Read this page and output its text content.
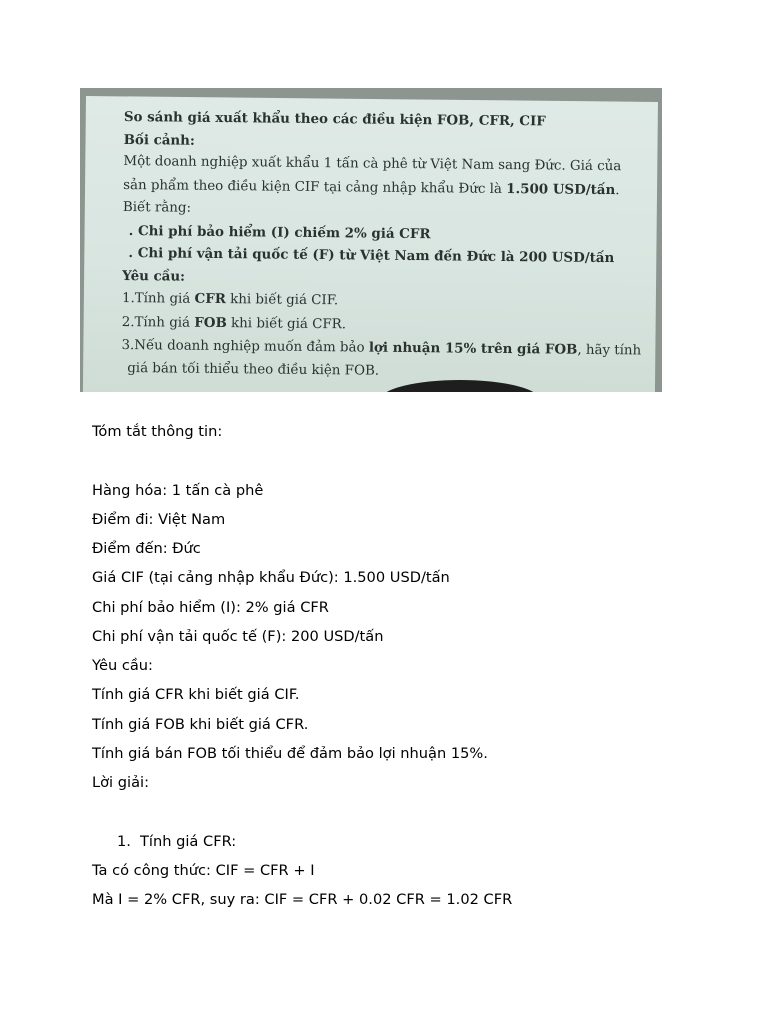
So sánh giá xuất khẩu theo các điều kiện FOB, CFR, CIF
Bối cảnh:
Một doanh nghiệp xuất khẩu 1 tấn cà phê từ Việt Nam sang Đức. Giá của sản phẩm theo điều kiện CIF tại cảng nhập khẩu Đức là 1.500 USD/tấn. Biết rằng:
. Chi phí bảo hiểm (I) chiếm 2% giá CFR
. Chi phí vận tải quốc tế (F) từ Việt Nam đến Đức là 200 USD/tấn
Yêu cầu:
1.Tính giá CFR khi biết giá CIF.
2.Tính giá FOB khi biết giá CFR.
3.Nếu doanh nghiệp muốn đảm bảo lợi nhuận 15% trên giá FOB, hãy tính
giá bán tối thiểu theo điều kiện FOB.
Tóm tắt thông tin:
Hàng hóa: 1 tấn cà phê
Điểm đi: Việt Nam
Điểm đến: Đức
Giá CIF (tại cảng nhập khẩu Đức): 1.500 USD/tấn
Chi phí bảo hiểm (I): 2% giá CFR
Chi phí vận tải quốc tế (F): 200 USD/tấn
Yêu cầu:
Tính giá CFR khi biết giá CIF.
Tính giá FOB khi biết giá CFR.
Tính giá bán FOB tối thiểu để đảm bảo lợi nhuận 15%.
Lời giải:
1. Tính giá CFR:
Ta có công thức: CIF = CFR + I
Mà I = 2% CFR, suy ra: CIF = CFR + 0.02 CFR = 1.02 CFR
